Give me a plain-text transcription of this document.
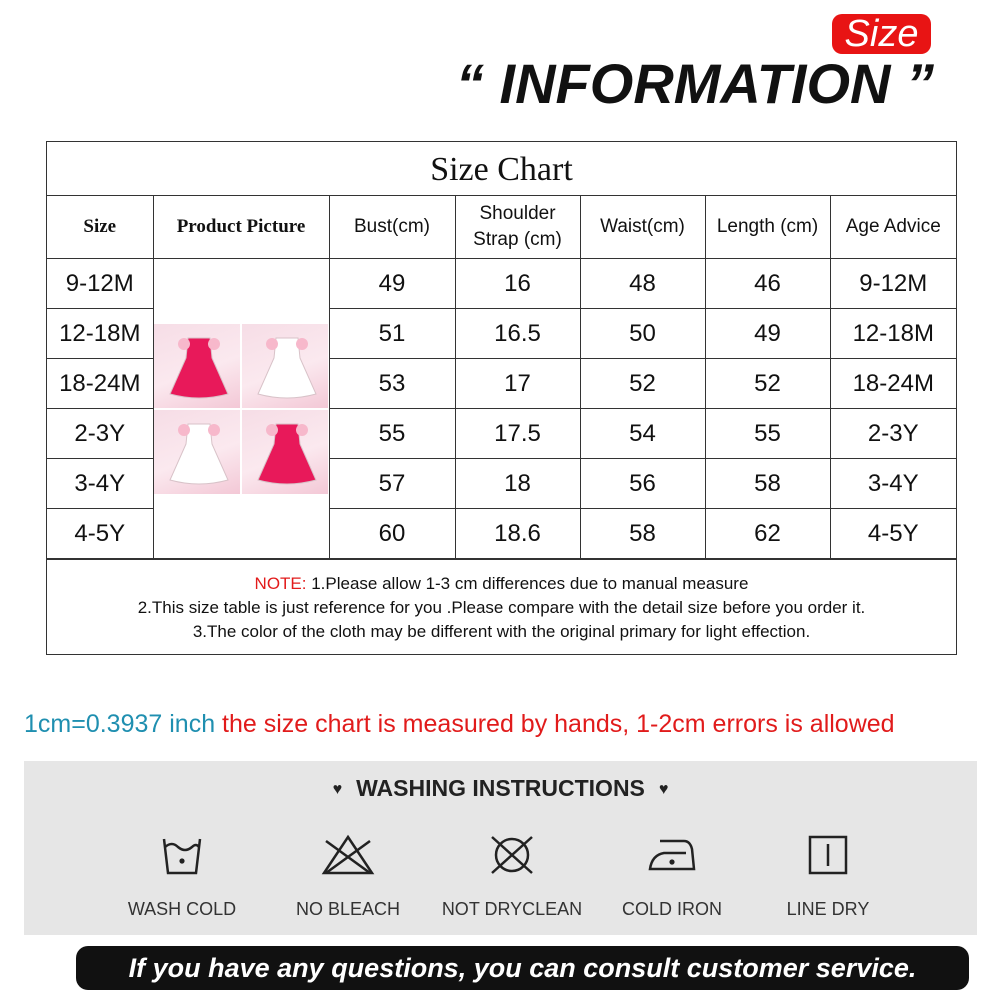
Size
“ INFORMATION ”
Size Chart
Size	Product Picture	Bust(cm)	Shoulder Strap (cm)	Waist(cm)	Length (cm)	Age Advice
9-12M		49	16	48	46	9-12M
12-18M		51	16.5	50	49	12-18M
18-24M		53	17	52	52	18-24M
2-3Y		55	17.5	54	55	2-3Y
3-4Y		57	18	56	58	3-4Y
4-5Y		60	18.6	58	62	4-5Y
NOTE: 1.Please allow 1-3 cm differences due to manual measure
2.This size table is just reference for you .Please compare with the detail size before you order it.
3.The color of the cloth may be different with the original primary for light effection.
1cm=0.3937 inch the size chart is measured by hands, 1-2cm errors is allowed
♥ WASHING INSTRUCTIONS ♥
WASH COLD	NO BLEACH	NOT DRYCLEAN	COLD IRON	LINE DRY
If you have any questions, you can consult customer service.
